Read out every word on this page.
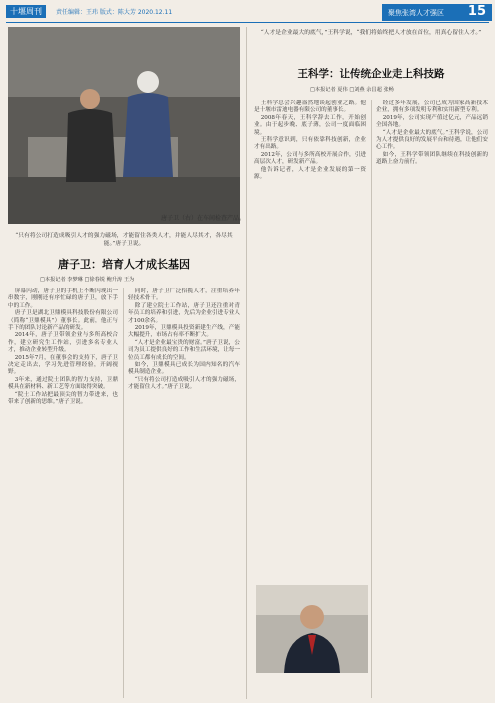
十堰周刊	责任编辑：王玮 版式：陈大芳 2020.12.11	聚焦张湾人才强区 15
唐子卫（右）在车间检查产品。
“只有将公司打造成吸引人才的强力磁场，才能留住各类人才，并能人尽其才，各尽其能。”唐子卫说。
唐子卫：培育人才成长基因
□本报记者 李梦琳 □徐春锐 鲍升涛 王为

屏幕闪动，唐子卫的手机上不断闪现出一串数字，刚刚还有序忙碌的唐子卫，放下手中的工作。

唐子卫是湖北卫鼎模具科技股份有限公司（简称“卫鼎模具”）董事长。此前，他正与手下的团队讨论新产品的研发。

2014年，唐子卫带领企业与多所高校合作，建立研究生工作站，引进多名专业人才，推动企业转型升级。

2015年7月，在董事会的支持下，唐子卫决定走出去，学习先进管理经验，开阔视野。

3年来，通过院士团队的智力支持，卫鼎模具在新材料、新工艺等方面取得突破。

“院士工作站把最顶尖的智力带进来，也带来了创新的思维。”唐子卫说。

同时，唐子卫广泛招揽人才，注重培养年轻技术骨干。

除了建立院士工作站，唐子卫还注重对青年员工的培养和引进，先后为企业引进专业人才100余名。

2019年，卫鼎模具投资新建生产线，产能大幅提升，市场占有率不断扩大。

“人才是企业最宝贵的财富。”唐子卫说，公司为员工提供良好的工作和生活环境，让每一位员工都有成长的空间。

如今，卫鼎模具已成长为国内知名的汽车模具制造企业。

“只有将公司打造成吸引人才的强力磁场，才能留住人才。”唐子卫说。

“人才是企业最大的底气，”王科学说，“我们将始终把人才放在首位，用真心留住人才。”
王科学：让传统企业走上科技路
□本报记者 夏伟 □刘燕 余昌超 张畅

王科学总会兴趣盎然地谈起创业之路。他是十堰市雷迪电器有限公司的董事长。

2008年春天，王科学辞去工作，开始创业。由于起步晚、底子薄，公司一度面临困境。

王科学意识到，只有依靠科技创新，企业才有出路。

2012年，公司与多所高校开展合作，引进高层次人才，研发新产品。

他告诉记者，人才是企业发展的第一资源。

经过多年发展，公司已成为国家高新技术企业，拥有多项发明专利和实用新型专利。

2019年，公司实现产值过亿元，产品远销全国各地。

“人才是企业最大的底气。”王科学说，公司为人才提供良好的发展平台和待遇，让他们安心工作。

如今，王科学带领团队继续在科技创新的道路上奋力前行。
